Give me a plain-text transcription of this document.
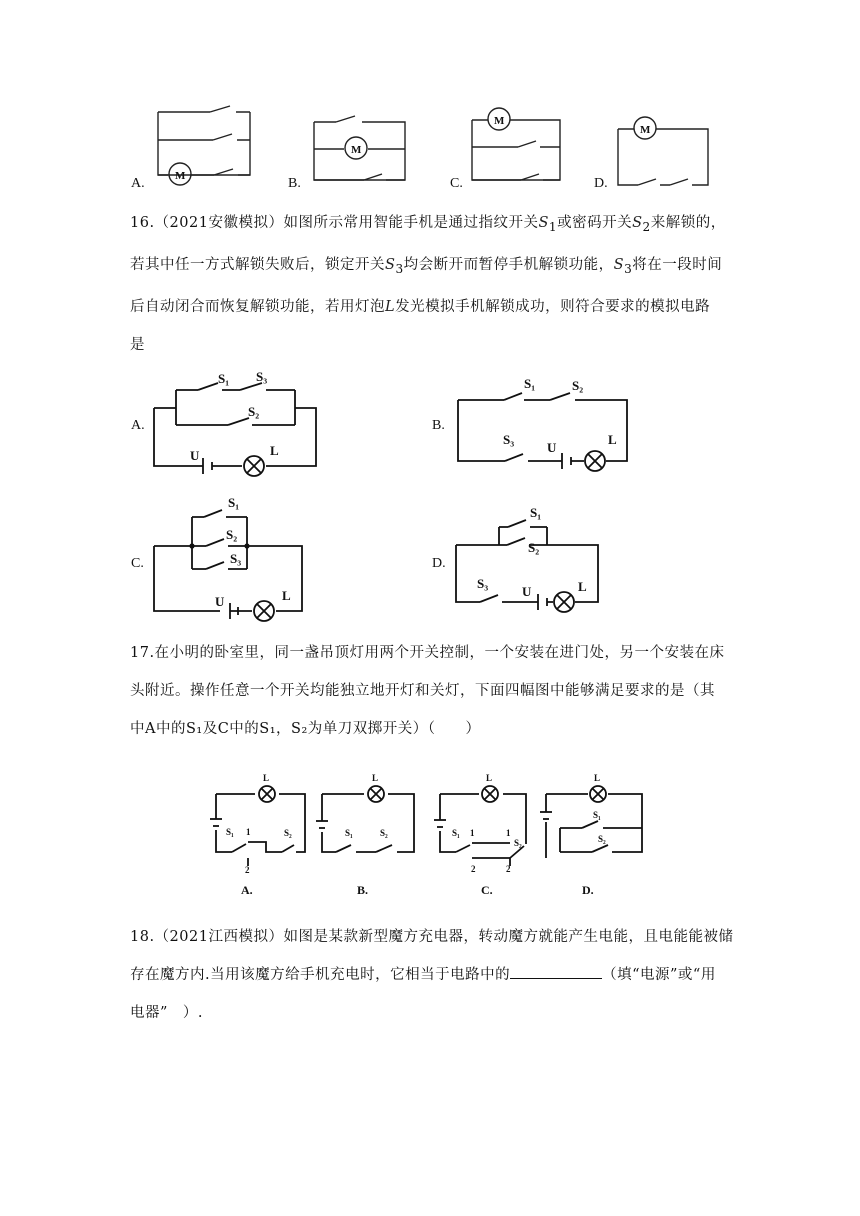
A.	M
M
M
M
B.	C.	D.
16.（2021安徽模拟）如图所示常用智能手机是通过指纹开关$S_1$或密码开关$S_2$来解锁的，
若其中任一方式解锁失败后，锁定开关$S_3$均会断开而暂停手机解锁功能，$S_3$将在一段时间
后自动闭合而恢复解锁功能，若用灯泡L发光模拟手机解锁成功，则符合要求的模拟电路
是
A.	B.
C.	D.
S₁ S₃
S₂
U	L
S₁	S₂
S₃
U
L
S₁
S₂
S₃
U	L
S₁
S₂
S₃
U	L
17.在小明的卧室里，同一盏吊顶灯用两个开关控制，一个安装在进门处，另一个安装在床
头附近。操作任意一个开关均能独立地开灯和关灯，下面四幅图中能够满足要求的是（其
中A中的S₁及C中的S₁，S₂为单刀双掷开关）（　　）
L
S₁ 1	S₂
2
A.
L
S₁	S₂
B.
L
S₁ 1	1
S₂
2	2
C.
L
S₁
S₂
D.
18.（2021江西模拟）如图是某款新型魔方充电器，转动魔方就能产生电能，且电能能被储
存在魔方内.当用该魔方给手机充电时，它相当于电路中的	（填“电源”或“用
电器”　）.
